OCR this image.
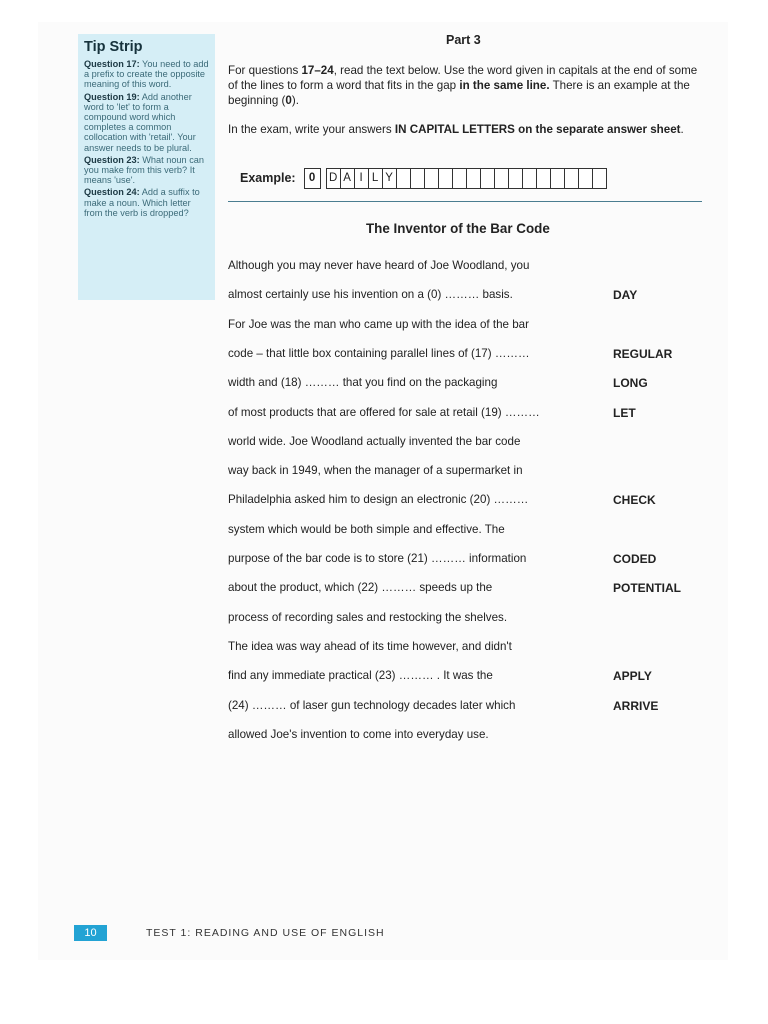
Tip Strip
Question 17: You need to add a prefix to create the opposite meaning of this word.
Question 19: Add another word to 'let' to form a compound word which completes a common collocation with 'retail'. Your answer needs to be plural.
Question 23: What noun can you make from this verb? It means 'use'.
Question 24: Add a suffix to make a noun. Which letter from the verb is dropped?
Part 3
For questions 17–24, read the text below. Use the word given in capitals at the end of some of the lines to form a word that fits in the gap in the same line. There is an example at the beginning (0).
In the exam, write your answers IN CAPITAL LETTERS on the separate answer sheet.
Example:	0	D A I L Y
The Inventor of the Bar Code
Although you may never have heard of Joe Woodland, you
almost certainly use his invention on a (0) ……… basis.	DAY
For Joe was the man who came up with the idea of the bar
code – that little box containing parallel lines of (17) ………	REGULAR
width and (18) ……… that you find on the packaging	LONG
of most products that are offered for sale at retail (19) ………	LET
world wide. Joe Woodland actually invented the bar code
way back in 1949, when the manager of a supermarket in
Philadelphia asked him to design an electronic (20) ………	CHECK
system which would be both simple and effective. The
purpose of the bar code is to store (21) ……… information	CODED
about the product, which (22) ……… speeds up the	POTENTIAL
process of recording sales and restocking the shelves.
The idea was way ahead of its time however, and didn't
find any immediate practical (23) ……… . It was the	APPLY
(24) ……… of laser gun technology decades later which	ARRIVE
allowed Joe's invention to come into everyday use.
10	TEST 1: READING AND USE OF ENGLISH
